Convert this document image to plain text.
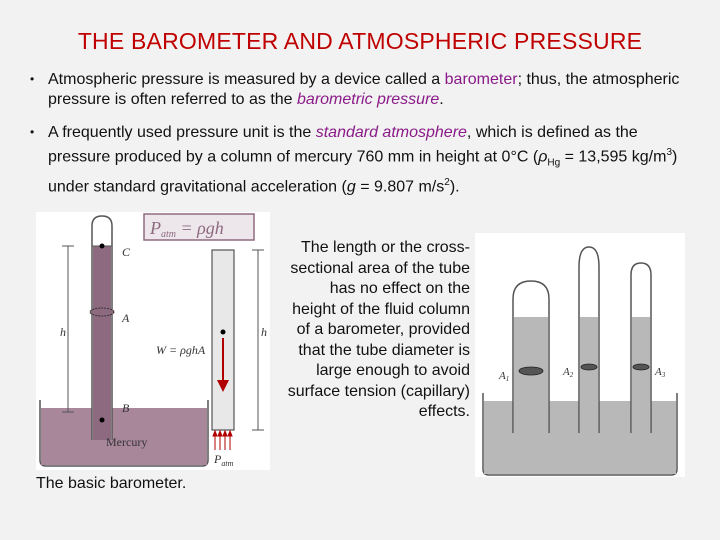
THE BAROMETER AND ATMOSPHERIC PRESSURE
• Atmospheric pressure is measured by a device called a barometer; thus, the atmospheric pressure is often referred to as the barometric pressure.
• A frequently used pressure unit is the standard atmosphere, which is defined as the pressure produced by a column of mercury 760 mm in height at 0°C ($\rho_{Hg} = 13,595$ $kg/m^3$) under standard gravitational acceleration (g = 9.807 $m/s^2$).
Patm = ρgh
C
A
B
h
W = ρghA
h
$P_{atm}$
Mercury
The basic barometer.
The length or the cross-sectional area of the tube has no effect on the height of the fluid column of a barometer, provided that the tube diameter is large enough to avoid surface tension (capillary) effects.
A1
A2	A3
